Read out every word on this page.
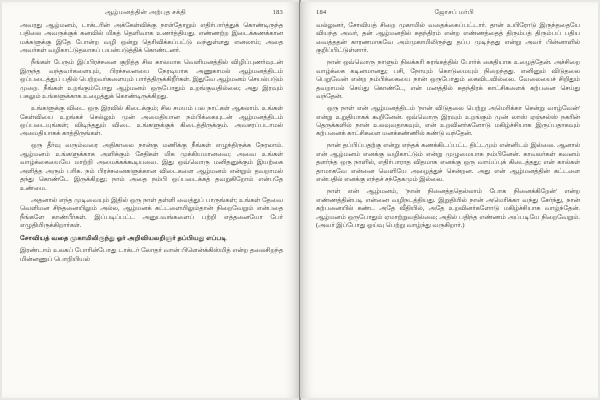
ஆழ்மனத்தின் அற்புத சக்தி	183

அவரது ஆழ்மனம், டாக்டரின் அக்கேள்விக்கு நாள்தோறும் எதிர்பார்த்துக் கொண்டிருந்த பதிலை அவருக்குக் கனவில் மிகத் தெளிவாக உணர்த்தியது. எண்ணற்ற இடைக்கணக்கான மக்களுக்கு இதே போன்ற வழி ஒன்று தெரிவிக்கப்பட்டு வந்துள்ளது எனலாம்; அதை அவர்கள் வழிகாட்டுதலாகப் பயன்படுத்திக் கொண்டனர்.

நீங்கள் பேரும் இப்பிரச்சனை குறித்த சில காலமாக வெளிமனத்தில் விழிப்புணர்வுடன் இருந்த வந்தவர்களையும், பிரச்சனையை நேரடியாக அணுகாமல் ஆழ்மனத்திடம் ஒப்படைத்துப் பதில் பெற்றவர்களையும் பார்த்திருக்கிறீர்கள். இதுவே ஆழ்மனம் செயல்படும் முறை. நீங்கள் உறங்கும்போது ஆழ்மனம் ஒருபோதும் உறங்குவதில்லை; அது இரவும் பகலும் உங்களுக்காக உழைத்துக் கொண்டிருக்கிறது.

உங்களுக்கு விடை ஒரு இரவில் கிடைக்கும்; சில சமயம் பல நாட்கள் ஆகலாம். உங்கள் கேள்வியை உறங்கச் செல்லும் முன் அமைதியான நம்பிக்கையுடன் ஆழ்மனத்திடம் ஒப்படையுங்கள்; விடிந்ததும் விடை உங்களுக்குக் கிடைத்திருக்கும். அவசரப்படாமல் அமைதியாகக் காத்திருங்கள்.

ஒரு தீர்வு வரும்வரை அதிகாலை நான்கு மணிக்கு நீங்கள் எழுந்திருக்க நேரலாம். ஆழ்மனம் உங்களுக்காக அளிக்கும் சேதிகள் மிக முக்கியமானவை; அவை உங்கள் வாழ்க்கையையே மாற்றி அமைக்கக்கூடியவை. இது ஒவ்வொரு மனிதனுக்கும் இயற்கை அளித்த அரும் பரிசு. நம் பிரச்சனைகளுக்கான விடைகளை ஆழ்மனம் என்றும் தவறாமல் தந்து கொண்டே இருக்கிறது; நாம் அதை நம்பி ஒப்படைக்கத் தவறுகிறோம் என்பதே உண்மை.

அதனால் எந்த முடிவையும் இதில் ஒரு நாள் தள்ளி வைத்துப் பாருங்கள்; உங்கள் தேவை வெளிமன சிந்தனையிலும் அல்ல, ஆழ்மனக் கட்டளையிலும்தான் நிறைவேறும் என்பதை நீங்களே காண்பீர்கள். இப்படிப்பட்ட அனுபவங்களைப் பற்றி எத்தனையோ பேர் எழுதியிருக்கிறார்கள்.

சோவியத் வதை முகாமிலிருந்து ஓர் அறிவியலறிஞர் தப்பியது எப்படி

இரண்டாம் உலகப் போரின்போது டாக்டர் லோதர் வான் பிளென்க்கிஸ்மித் என்ற தலைசிறந்த மின்னணுப் பொறியியல்

184	ஜோசப் மர்பி

வல்லுனர், சோவியத் சிறை முகாமில் வதைக்கைப்பட்டார். தான் உயிரோடு இருந்ததையே வியந்த அவர், தன் ஆழ்மனதில் சுதந்திரம் என்ற எண்ணத்தைத் திரும்பத் திரும்பப் பதிய வைத்ததன் காரணமாகவே அம்முகாமிலிருந்து தப்ப முடிந்தது என்று அவர் பின்னாளில் குறிப்பிட்டுள்ளார்.

நான் ஒவ்வொரு நாளும் நிலக்கரி சுரங்கத்தில் போர்க் கைதியாக உழைத்தேன். அச்சிறை வாழ்க்கை கடினமானது; பசி, நோயும் கொடுமையும் நிறைந்தது. எனினும் விடுதலை பெறுவேன் என்ற நம்பிக்கையை நான் ஒருபோதும் கைவிடவில்லை. வேலையைச் சிறிதும் தவறாமல் செய்து கொண்டே, என் மனத்தில் சுதந்திரக் காட்சிகளைக் கற்பனை செய்து வந்தேன்.

ஒரு நாள் என் ஆழ்மனத்திடம் 'நான் விடுதலை பெற்று அமெரிக்கா சென்று வாழ்வேன்' என்று உறுதியாகக் கூறினேன். ஒவ்வொரு இரவும் உறங்கும் முன் லாஸ் ஏஞ்சல்ஸ் நகரின் தெருக்களில் நான் உலவுவதாகவும், என் உறவினர்களோடு மகிழ்ச்சியாக இருப்பதாகவும் கற்பனைக் காட்சிகளை மனக்கண்ணில் கண்டு வந்தேன்.

நான் தப்பிப்பதற்கு என்று எந்தக் கணக்கிடப்பட்ட திட்டமும் என்னிடம் இல்லை. ஆனால் என் ஆழ்மனம் எனக்கு வழிகாட்டும் என்று முழுமையாக நம்பினேன். காவலர்கள் கவனம் தளர்ந்த ஒரு நாளில், எதிர்பாராத விதமாக எனக்கு ஒரு வாய்ப்புக் கிடைத்தது; என் கால்கள் தாமாகவே என்னை வெளியே அழைத்துச் சென்றன. அது என் ஆழ்மனத்தின் கட்டளை என்பதில் எனக்கு எந்தச் சந்தேகமும் இல்லை.

நாள் என் ஆழ்மனம், 'நான் நினைத்ததெல்லாம் போக நினைக்கிறேன்' என்ற எண்ணத்தின்படி என்னை வழிநடத்தியது. இறுதியில் நான் அமெரிக்கா வந்து சேர்ந்து, நான் கற்பனையில் கண்ட அதே வீதியில், அதே உறவினர்களோடு மகிழ்ச்சியாக வாழ்ந்தேன். ஆழ்மனம் ஒருபோதும் ஏமாற்றுவதில்லை; அதில் பதிந்த எண்ணம் அப்படியே நிறைவேறும். (அவர் இப்போது ஓய்வு பெற்று வாழ்ந்து வருகிறார்.)
